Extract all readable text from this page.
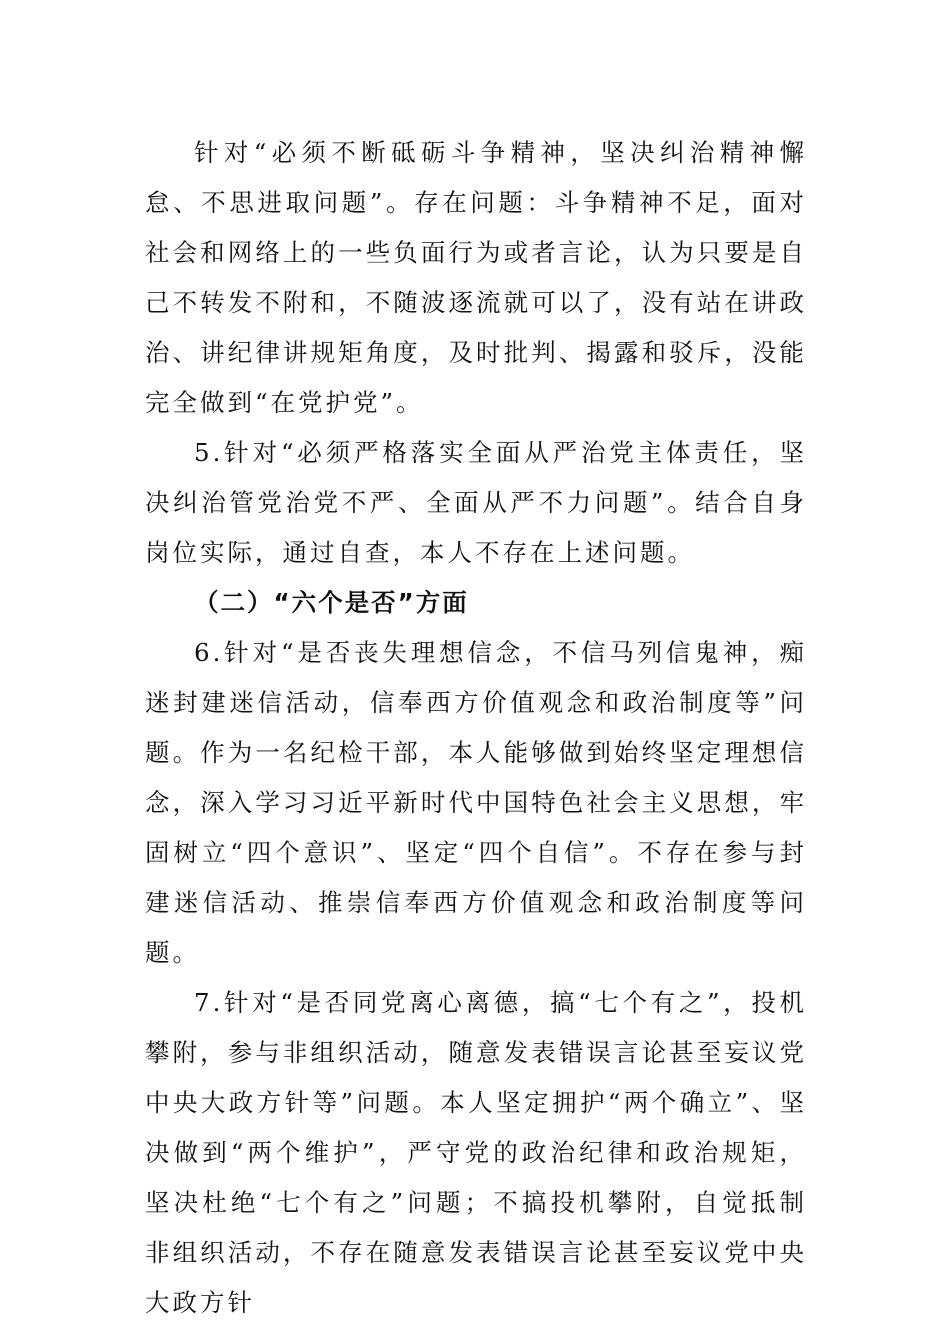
针对“必须不断砥砺斗争精神，坚决纠治精神懈怠、不思进取问题”。存在问题：斗争精神不足，面对社会和网络上的一些负面行为或者言论，认为只要是自己不转发不附和，不随波逐流就可以了，没有站在讲政治、讲纪律讲规矩角度，及时批判、揭露和驳斥，没能完全做到“在党护党”。

5.针对“必须严格落实全面从严治党主体责任，坚决纠治管党治党不严、全面从严不力问题”。结合自身岗位实际，通过自查，本人不存在上述问题。

（二）“六个是否”方面

6.针对“是否丧失理想信念，不信马列信鬼神，痴迷封建迷信活动，信奉西方价值观念和政治制度等”问题。作为一名纪检干部，本人能够做到始终坚定理想信念，深入学习习近平新时代中国特色社会主义思想，牢固树立“四个意识”、坚定“四个自信”。不存在参与封建迷信活动、推崇信奉西方价值观念和政治制度等问题。

7.针对“是否同党离心离德，搞“七个有之”，投机攀附，参与非组织活动，随意发表错误言论甚至妄议党中央大政方针等”问题。本人坚定拥护“两个确立”、坚决做到“两个维护”，严守党的政治纪律和政治规矩，坚决杜绝“七个有之”问题；不搞投机攀附，自觉抵制非组织活动，不存在随意发表错误言论甚至妄议党中央大政方针
